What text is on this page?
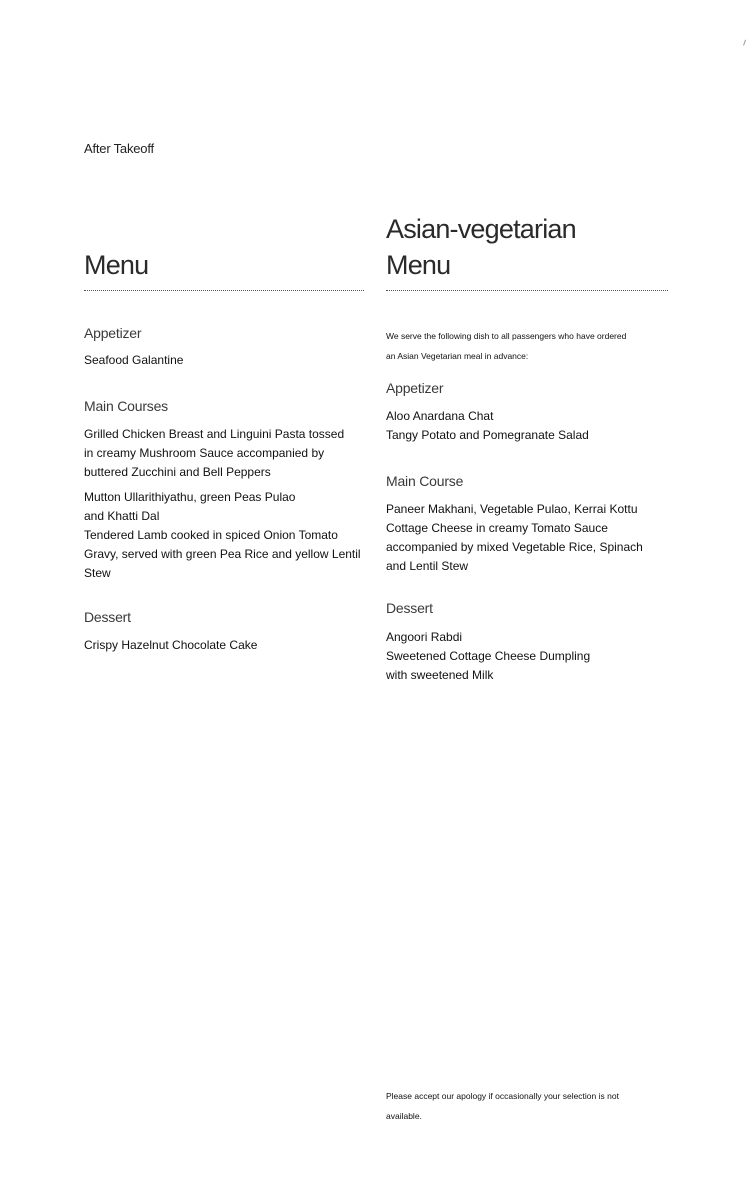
After Takeoff
Menu
Appetizer

Seafood Galantine

Main Courses
Grilled Chicken Breast and Linguini Pasta tossed
in creamy Mushroom Sauce accompanied by
buttered Zucchini and Bell Peppers
Mutton Ullarithiyathu, green Peas Pulao
and Khatti Dal
Tendered Lamb cooked in spiced Onion Tomato
Gravy, served with green Pea Rice and yellow Lentil
Stew
Dessert

Crispy Hazelnut Chocolate Cake

Asian-vegetarian
Menu
We serve the following dish to all passengers who have ordered
an Asian Vegetarian meal in advance:
Appetizer
Aloo Anardana Chat
Tangy Potato and Pomegranate Salad
Main Course
Paneer Makhani, Vegetable Pulao, Kerrai Kottu
Cottage Cheese in creamy Tomato Sauce
accompanied by mixed Vegetable Rice, Spinach
and Lentil Stew
Dessert
Angoori Rabdi
Sweetened Cottage Cheese Dumpling
with sweetened Milk
Please accept our apology if occasionally your selection is not
available.
